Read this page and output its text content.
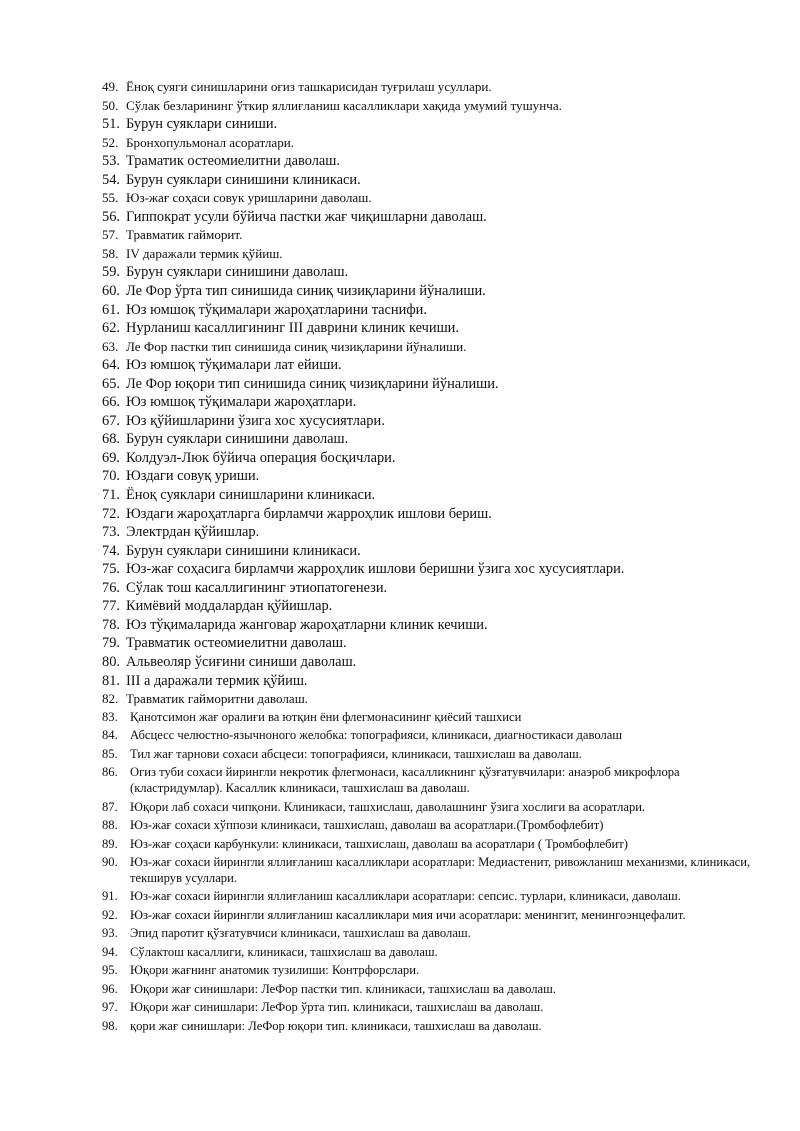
49. Ёноқ суяги синишларини оғиз ташкарисидан туғрилаш усуллари.
50. Сўлак безларининг ўткир яллиғланиш касалликлари хақида умумий тушунча.
51. Бурун суяклари синиши.
52. Бронхопульмонал асоратлари.
53. Траматик остеомиелитни даволаш.
54. Бурун суяклари синишини клиникаси.
55. Юз-жағ соҳаси совук уришларини даволаш.
56. Гиппократ усули бўйича пастки жағ чиқишларни даволаш.
57. Травматик гайморит.
58. IV даражали термик қўйиш.
59. Бурун суяклари синишини даволаш.
60. Ле Фор ўрта тип синишида синиқ чизиқларини йўналиши.
61. Юз юмшоқ тўқималари жароҳатларини таснифи.
62. Нурланиш касаллигининг III даврини клиник кечиши.
63. Ле Фор пастки тип синишида синиқ чизиқларини йўналиши.
64. Юз юмшоқ тўқималари лат ейиши.
65. Ле Фор юқори тип синишида синиқ чизиқларини йўналиши.
66. Юз юмшоқ тўқималари жароҳатлари.
67. Юз қўйишларини ўзига хос хусусиятлари.
68. Бурун суяклари синишини даволаш.
69. Колдуэл-Люк бўйича операция босқичлари.
70. Юздаги совуқ уриши.
71. Ёноқ суяклари синишларини клиникаси.
72. Юздаги жароҳатларга бирламчи жарроҳлик ишлови бериш.
73. Электрдан қўйишлар.
74. Бурун суяклари синишини клиникаси.
75. Юз-жағ соҳасига бирламчи жарроҳлик ишлови беришни ўзига хос хусусиятлари.
76. Сўлак тош касаллигининг этиопатогенези.
77. Кимёвий моддалардан қўйишлар.
78. Юз тўқималарида жанговар жароҳатларни клиник кечиши.
79. Травматик остеомиелитни даволаш.
80. Альвеоляр ўсиғини синиши даволаш.
81. III а даражали термик қўйиш.
82. Травматик гайморитни даволаш.
83. Қанотсимон жағ оралиғи ва ютқин ёни флегмонасининг қиёсий ташхиси
84. Абсцесс челюстно-язычноного желобка: топографияси, клиникаси, диагностикаси даволаш
85. Тил жағ тарнови сохаси абсцеси: топографияси, клиникаси, ташхислаш ва даволаш.
86. Огиз туби сохаси йирингли некротик флегмонаси, касалликнинг қўзғатувчилари: анаэроб микрофлора (кластридумлар). Касаллик клиникаси, ташхислаш ва даволаш.
87. Юқори лаб сохаси чипқони. Клиникаси, ташхислаш, даволашнинг ўзига хослиги ва асоратлари.
88. Юз-жағ сохаси хўппози клиникаси, ташхислаш, даволаш ва асоратлари.(Тромбофлебит)
89. Юз-жағ соҳаси карбункули: клиникаси, ташхислаш, даволаш ва асоратлари ( Тромбофлебит)
90. Юз-жағ сохаси йирингли яллиғланиш касалликлари асоратлари: Медиастенит, ривожланиш механизми, клиникаси, текширув усуллари.
91. Юз-жағ сохаси йирингли яллиғланиш касалликлари асоратлари: сепсис. турлари, клиникаси, даволаш.
92. Юз-жағ сохаси йирингли яллиғланиш касалликлари мия ичи асоратлари: менингит, менингоэнцефалит.
93. Эпид паротит қўзғатувчиси клиникаси, ташхислаш ва даволаш.
94. Сўлактош касаллиги, клиникаси, ташхислаш ва даволаш.
95. Юқори жағнинг анатомик тузилиши: Контрфорслари.
96. Юқори жағ синишлари: ЛеФор пастки тип. клиникаси, ташхислаш ва даволаш.
97. Юқори жағ синишлари: ЛеФор ўрта тип. клиникаси, ташхислаш ва даволаш.
98. қори жағ синишлари: ЛеФор юқори тип. клиникаси, ташхислаш ва даволаш.
